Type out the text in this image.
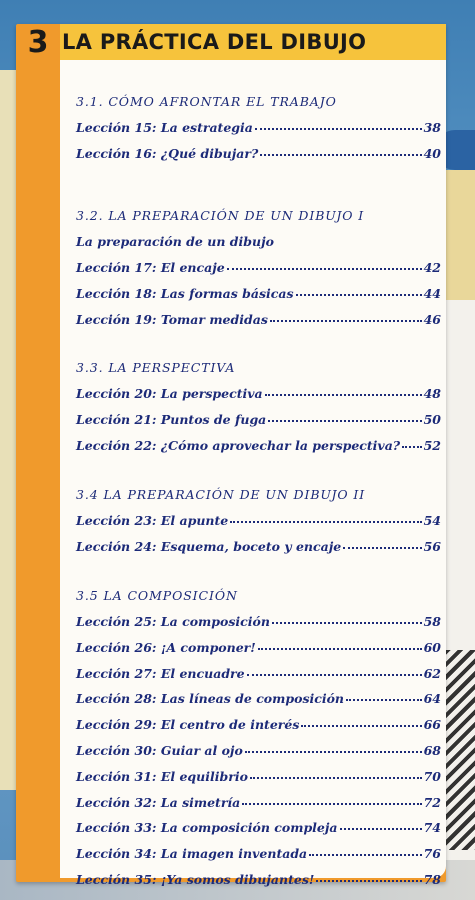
3 LA PRÁCTICA DEL DIBUJO
3.1. CÓMO AFRONTAR EL TRABAJO
Lección 15: La estrategia	38
Lección 16: ¿Qué dibujar?	40
3.2. LA PREPARACIÓN DE UN DIBUJO I
La preparación de un dibujo
Lección 17: El encaje	42
Lección 18: Las formas básicas	44
Lección 19: Tomar medidas	46
3.3. LA PERSPECTIVA
Lección 20: La perspectiva	48
Lección 21: Puntos de fuga	50
Lección 22: ¿Cómo aprovechar la perspectiva? 52
3.4 LA PREPARACIÓN DE UN DIBUJO II
Lección 23: El apunte	54
Lección 24: Esquema, boceto y encaje	56
3.5 LA COMPOSICIÓN
Lección 25: La composición	58
Lección 26: ¡A componer!	60
Lección 27: El encuadre	62
Lección 28: Las líneas de composición	64
Lección 29: El centro de interés	66
Lección 30: Guiar al ojo	68
Lección 31: El equilibrio	70
Lección 32: La simetría	72
Lección 33: La composición compleja	74
Lección 34: La imagen inventada	76
Lección 35: ¡Ya somos dibujantes!	78
